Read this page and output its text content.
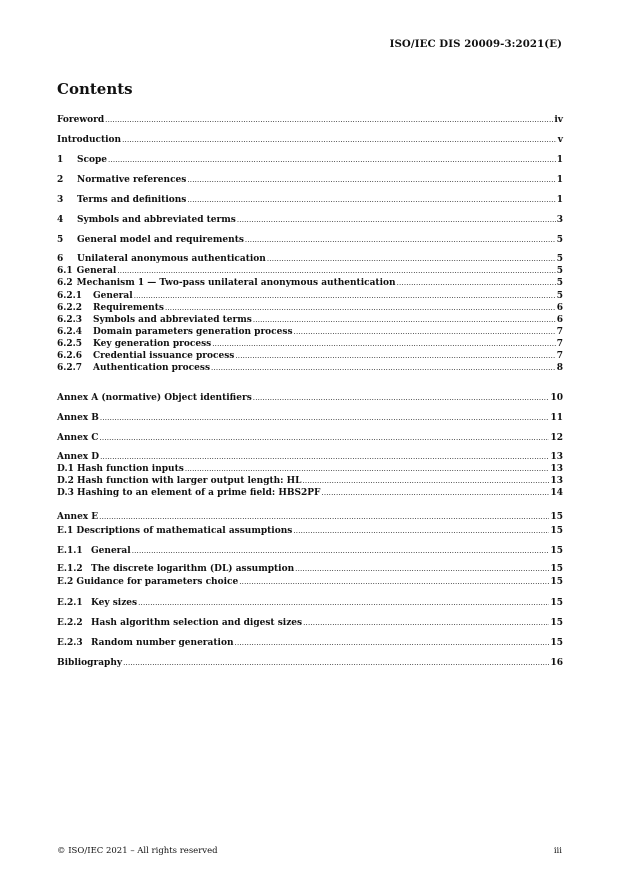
ISO/IEC DIS 20009-3:2021(E)
Contents
Foreword .....	iv
Introduction .....	v
1	Scope .....	1
2	Normative references .....	1
3	Terms and definitions .....	1
4	Symbols and abbreviated terms .....	3
5	General model and requirements .....	5
6	Unilateral anonymous authentication .....	5
6.1 General .....	5
6.2 Mechanism 1 — Two-pass unilateral anonymous authentication .....	5
6.2.1	General .....	5
6.2.2	Requirements .....	6
6.2.3	Symbols and abbreviated terms .....	6
6.2.4	Domain parameters generation process .....	7
6.2.5	Key generation process .....	7
6.2.6	Credential issuance process .....	7
6.2.7	Authentication process .....	8
Annex A (normative) Object identifiers .....	10
Annex B .....	11
Annex C .....	12
Annex D .....	13
D.1 Hash function inputs .....	13
D.2 Hash function with larger output length: HL .....	13
D.3 Hashing to an element of a prime field: HBS2PF .....	14
Annex E .....	15
E.1 Descriptions of mathematical assumptions .....	15
E.1.1 General .....	15
E.1.2 The discrete logarithm (DL) assumption .....	15
E.2 Guidance for parameters choice .....	15
E.2.1 Key sizes .....	15
E.2.2 Hash algorithm selection and digest sizes .....	15
E.2.3 Random number generation .....	15
Bibliography .....	16
© ISO/IEC 2021 – All rights reserved	iii
